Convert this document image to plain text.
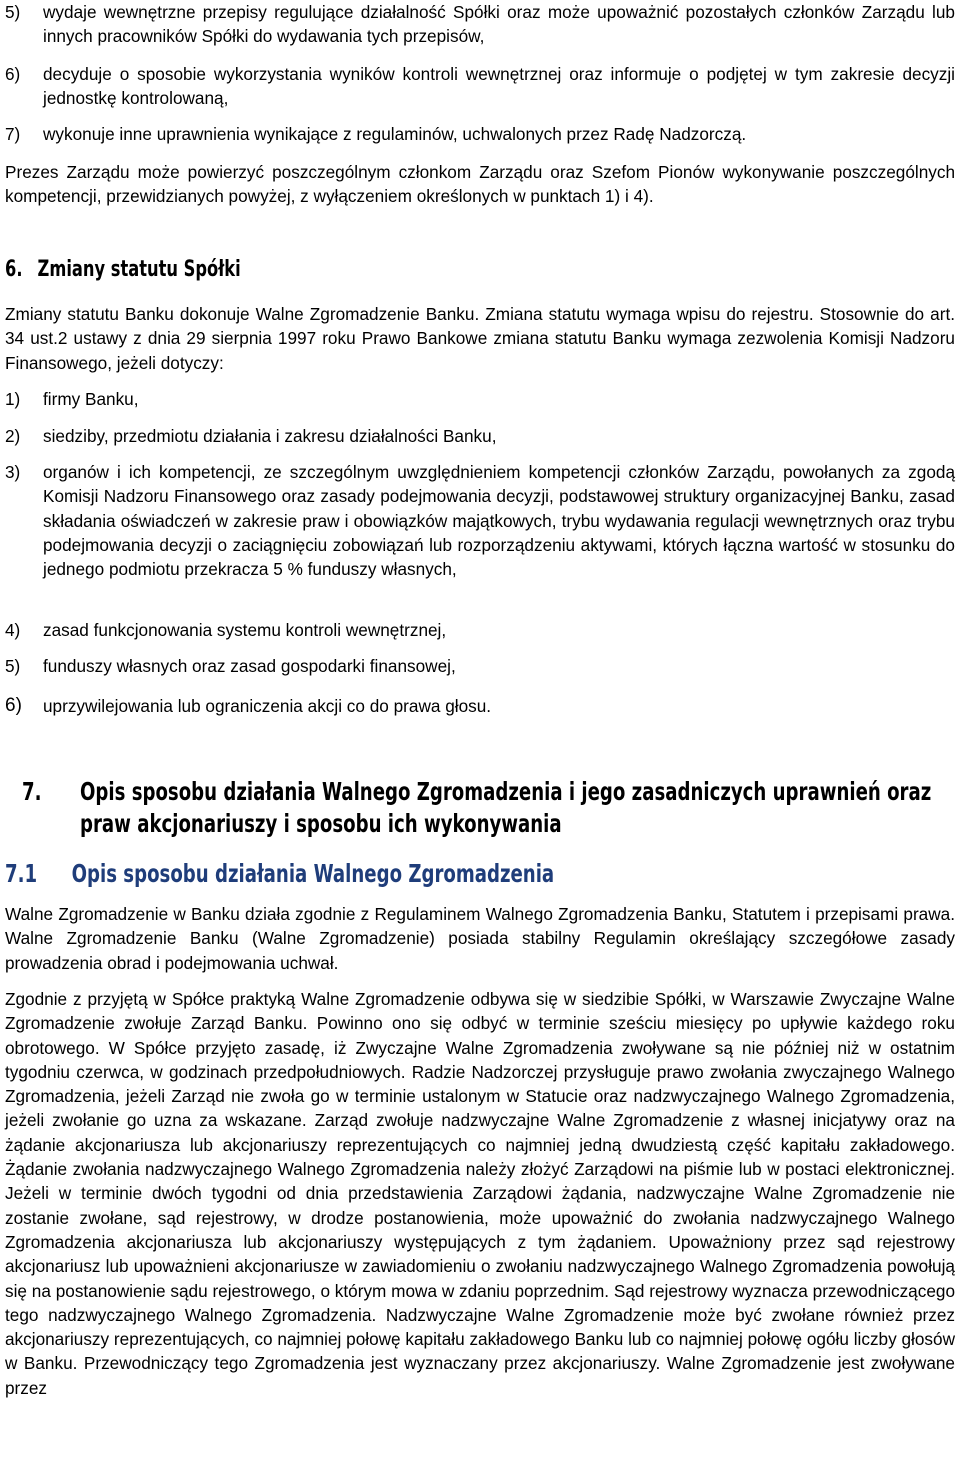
5) wydaje wewnętrzne przepisy regulujące działalność Spółki oraz może upoważnić pozostałych członków Zarządu lub innych pracowników Spółki do wydawania tych przepisów,
6) decyduje o sposobie wykorzystania wyników kontroli wewnętrznej oraz informuje o podjętej w tym zakresie decyzji jednostkę kontrolowaną,
7) wykonuje inne uprawnienia wynikające z regulaminów, uchwalonych przez Radę Nadzorczą.

Prezes Zarządu może powierzyć poszczególnym członkom Zarządu oraz Szefom Pionów wykonywanie poszczególnych kompetencji, przewidzianych powyżej, z wyłączeniem określonych w punktach 1) i 4).

6. Zmiany statutu Spółki

Zmiany statutu Banku dokonuje Walne Zgromadzenie Banku. Zmiana statutu wymaga wpisu do rejestru. Stosownie do art. 34 ust.2 ustawy z dnia 29 sierpnia 1997 roku Prawo Bankowe zmiana statutu Banku wymaga zezwolenia Komisji Nadzoru Finansowego, jeżeli dotyczy:

1) firmy Banku,
2) siedziby, przedmiotu działania i zakresu działalności Banku,
3) organów i ich kompetencji, ze szczególnym uwzględnieniem kompetencji członków Zarządu, powołanych za zgodą Komisji Nadzoru Finansowego oraz zasady podejmowania decyzji, podstawowej struktury organizacyjnej Banku, zasad składania oświadczeń w zakresie praw i obowiązków majątkowych, trybu wydawania regulacji wewnętrznych oraz trybu podejmowania decyzji o zaciągnięciu zobowiązań lub rozporządzeniu aktywami, których łączna wartość w stosunku do jednego podmiotu przekracza 5 % funduszy własnych,
4) zasad funkcjonowania systemu kontroli wewnętrznej,
5) funduszy własnych oraz zasad gospodarki finansowej,
6) uprzywilejowania lub ograniczenia akcji co do prawa głosu.
7. Opis sposobu działania Walnego Zgromadzenia i jego zasadniczych uprawnień oraz praw akcjonariuszy i sposobu ich wykonywania
7.1 Opis sposobu działania Walnego Zgromadzenia

Walne Zgromadzenie w Banku działa zgodnie z Regulaminem Walnego Zgromadzenia Banku, Statutem i przepisami prawa. Walne Zgromadzenie Banku (Walne Zgromadzenie) posiada stabilny Regulamin określający szczegółowe zasady prowadzenia obrad i podejmowania uchwał.

Zgodnie z przyjętą w Spółce praktyką Walne Zgromadzenie odbywa się w siedzibie Spółki, w Warszawie Zwyczajne Walne Zgromadzenie zwołuje Zarząd Banku. Powinno ono się odbyć w terminie sześciu miesięcy po upływie każdego roku obrotowego. W Spółce przyjęto zasadę, iż Zwyczajne Walne Zgromadzenia zwoływane są nie później niż w ostatnim tygodniu czerwca, w godzinach przedpołudniowych. Radzie Nadzorczej przysługuje prawo zwołania zwyczajnego Walnego Zgromadzenia, jeżeli Zarząd nie zwoła go w terminie ustalonym w Statucie oraz nadzwyczajnego Walnego Zgromadzenia, jeżeli zwołanie go uzna za wskazane. Zarząd zwołuje nadzwyczajne Walne Zgromadzenie z własnej inicjatywy oraz na żądanie akcjonariusza lub akcjonariuszy reprezentujących co najmniej jedną dwudziestą część kapitału zakładowego. Żądanie zwołania nadzwyczajnego Walnego Zgromadzenia należy złożyć Zarządowi na piśmie lub w postaci elektronicznej. Jeżeli w terminie dwóch tygodni od dnia przedstawienia Zarządowi żądania, nadzwyczajne Walne Zgromadzenie nie zostanie zwołane, sąd rejestrowy, w drodze postanowienia, może upoważnić do zwołania nadzwyczajnego Walnego Zgromadzenia akcjonariusza lub akcjonariuszy występujących z tym żądaniem. Upoważniony przez sąd rejestrowy akcjonariusz lub upoważnieni akcjonariusze w zawiadomieniu o zwołaniu nadzwyczajnego Walnego Zgromadzenia powołują się na postanowienie sądu rejestrowego, o którym mowa w zdaniu poprzednim. Sąd rejestrowy wyznacza przewodniczącego tego nadzwyczajnego Walnego Zgromadzenia. Nadzwyczajne Walne Zgromadzenie może być zwołane również przez akcjonariuszy reprezentujących, co najmniej połowę kapitału zakładowego Banku lub co najmniej połowę ogółu liczby głosów w Banku. Przewodniczący tego Zgromadzenia jest wyznaczany przez akcjonariuszy. Walne Zgromadzenie jest zwoływane przez
